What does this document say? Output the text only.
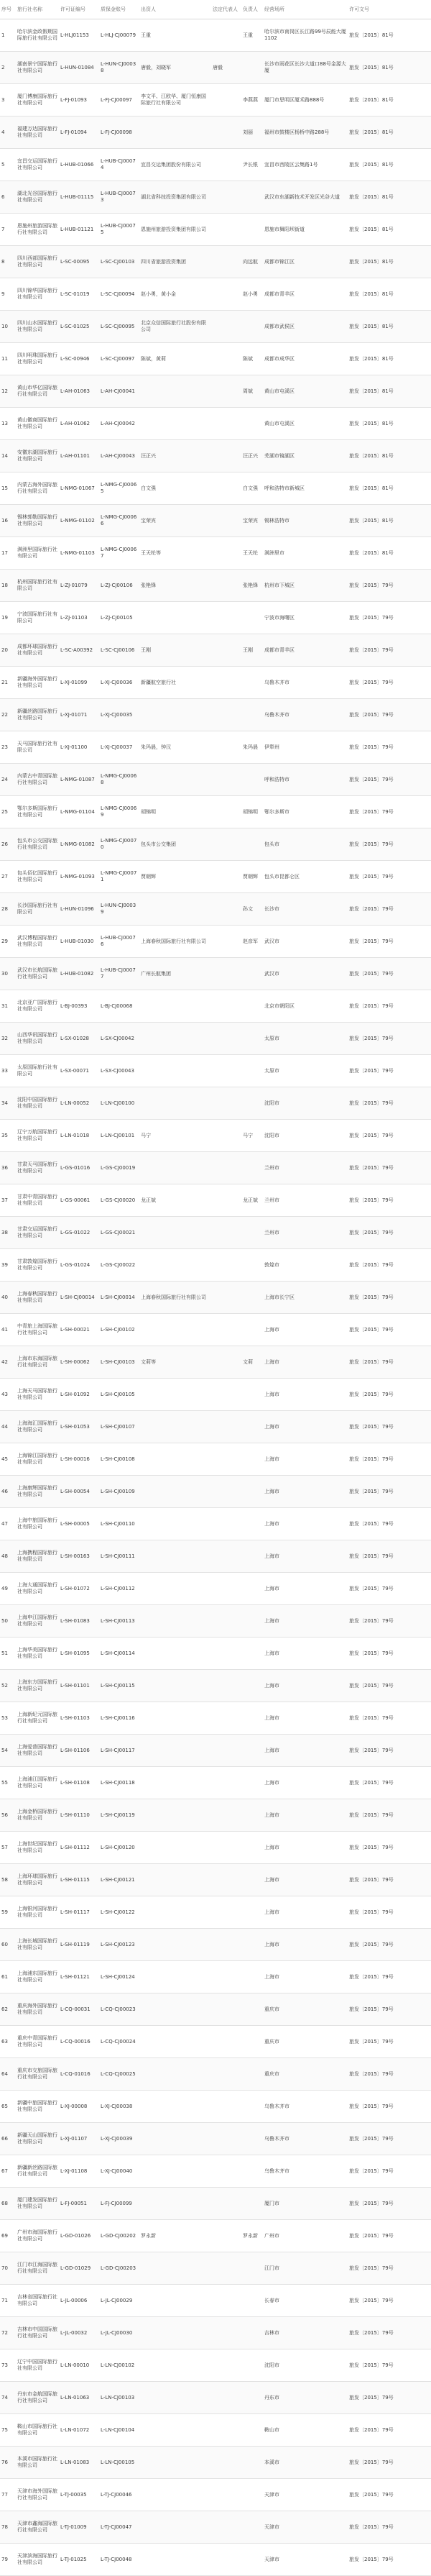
序号	旅行社名称	许可证编号	质保金账号	出资人	法定代表人	负责人	经营场所	许可文号
1	哈尔滨金政假期国际旅行社有限公司	L-HLJ01153	L-HLJ-CJ00079	王重		王重	哈尔滨市南岗区长江路99号辰能大厦1102	旅发〔2015〕81号
2	湖南景宁国际旅行社有限公司	L-HUN-01084	L-HUN-CJ00038	唐毅，刘晓军	唐毅		长沙市雨花区长沙大道口88号金源大厦	旅发〔2015〕81号
3	厦门博康国际旅行社有限公司	L-FJ-01093	L-FJ-CJ00097	李文平、江欧华、厦门恒康国际旅行社有限公司		李燕燕	厦门市思明区厦禾路888号	旅发〔2015〕81号
4	福建万达国际旅行社有限公司	L-FJ-01094	L-FJ-CJ00098			刘丽	福州市鼓楼区杨桥中路288号	旅发〔2015〕81号
5	宜昌交运国际旅行社有限公司	L-HUB-01066	L-HUB-CJ00074	宜昌交运集团股份有限公司		尹长银	宜昌市西陵区云集路1号	旅发〔2015〕81号
6	湖北光谷国际旅行社有限公司	L-HUB-01115	L-HUB-CJ00073	湖北省科技投资集团有限公司			武汉市东湖新技术开发区光谷大道	旅发〔2015〕81号
7	恩施州旅游国际旅行社有限公司	L-HUB-01121	L-HUB-CJ00075	恩施州旅游投资集团有限公司			恩施市舞阳坝街道	旅发〔2015〕81号
8	四川西部国际旅行社有限公司	L-SC-00095	L-SC-CJ00103	四川省旅游投资集团		向远航	成都市锦江区	旅发〔2015〕81号
9	四川锦华国际旅行社有限公司	L-SC-01019	L-SC-CJ00094	赵小勇，黄小金		赵小勇	成都市青羊区	旅发〔2015〕81号
10	四川山水国际旅行社有限公司	L-SC-01025	L-SC-CJ00095	北京众信国际旅行社股份有限公司			成都市武侯区	旅发〔2015〕81号
11	四川明珠国际旅行社有限公司	L-SC-00946	L-SC-CJ00097	陈斌，黄莉		陈斌	成都市成华区	旅发〔2015〕81号
12	黄山市华亿国际旅行社有限公司	L-AH-01063	L-AH-CJ00041			周斌	黄山市屯溪区	旅发〔2015〕81号
13	黄山徽商国际旅行社有限公司	L-AH-01062	L-AH-CJ00042				黄山市屯溪区	旅发〔2015〕81号
14	安徽东湖国际旅行社有限公司	L-AH-01101	L-AH-CJ00043	汪正兴		汪正兴	芜湖市镜湖区	旅发〔2015〕81号
15	内蒙古海外国际旅行社有限公司	L-NMG-01067	L-NMG-CJ00065	白文强		白文强	呼和浩特市新城区	旅发〔2015〕81号
16	锡林郭勒国际旅行社有限公司	L-NMG-01102	L-NMG-CJ00066	宝荣宾		宝荣宾	锡林浩特市	旅发〔2015〕81号
17	满洲里国际旅行社有限公司	L-NMG-01103	L-NMG-CJ00067	王天纶等		王天纶	满洲里市	旅发〔2015〕81号
18	杭州国际旅行社有限公司	L-ZJ-01079	L-ZJ-CJ00106	张艳锋		张艳锋	杭州市下城区	旅发〔2015〕79号
19	宁波国际旅行社有限公司	L-ZJ-01103	L-ZJ-CJ00105				宁波市海曙区	旅发〔2015〕79号
20	成都环球国际旅行社有限公司	L-SC-A00392	L-SC-CJ00106	王刚		王刚	成都市青羊区	旅发〔2015〕79号
21	新疆海外国际旅行社有限公司	L-XJ-01099	L-XJ-CJ00036	新疆航空旅行社			乌鲁木齐市	旅发〔2015〕79号
22	新疆丝路国际旅行社有限公司	L-XJ-01071	L-XJ-CJ00035				乌鲁木齐市	旅发〔2015〕79号
23	天马国际旅行社有限公司	L-XJ-01100	L-XJ-CJ00037	朱玛晨，钟汉		朱玛晨	伊犁州	旅发〔2015〕79号
24	内蒙古中青国际旅行社有限公司	L-NMG-01087	L-NMG-CJ00068				呼和浩特市	旅发〔2015〕79号
25	鄂尔多斯国际旅行社有限公司	L-NMG-01104	L-NMG-CJ00069	胡锦明		胡锦明	鄂尔多斯市	旅发〔2015〕79号
26	包头市公交国际旅行社有限公司	L-NMG-01082	L-NMG-CJ00070	包头市公交集团			包头市	旅发〔2015〕79号
27	包头佰亿国际旅行社有限公司	L-NMG-01093	L-NMG-CJ00071	贾朝辉		贾朝辉	包头市昆都仑区	旅发〔2015〕79号
28	长沙国际旅行社有限公司	L-HUN-01096	L-HUN-CJ00039			孙文	长沙市	旅发〔2015〕79号
29	武汉博程国际旅行社有限公司	L-HUB-01030	L-HUB-CJ00076	上海春秋国际旅行社有限公司		赵彦军	武汉市	旅发〔2015〕79号
30	武汉市长航国际旅行社有限公司	L-HUB-01082	L-HUB-CJ00077	广州长航集团			武汉市	旅发〔2015〕79号
31	北京亚广国际旅行社有限公司	L-BJ-00393	L-BJ-CJ00068				北京市朝阳区	旅发〔2015〕79号
32	山西华讯国际旅行社有限公司	L-SX-01028	L-SX-CJ00042				太原市	旅发〔2015〕79号
33	太原国际旅行社有限公司	L-SX-00071	L-SX-CJ00043				太原市	旅发〔2015〕79号
34	沈阳中国国际旅行社有限公司	L-LN-00052	L-LN-CJ00100				沈阳市	旅发〔2015〕79号
35	辽宁万航国际旅行社有限公司	L-LN-01018	L-LN-CJ00101	马宁		马宁	沈阳市	旅发〔2015〕79号
36	甘肃天马国际旅行社有限公司	L-GS-01016	L-GS-CJ00019				兰州市	旅发〔2015〕79号
37	甘肃中青国际旅行社有限公司	L-GS-00061	L-GS-CJ00020	龙正斌		龙正斌	兰州市	旅发〔2015〕79号
38	甘肃交运国际旅行社有限公司	L-GS-01022	L-GS-CJ00021				兰州市	旅发〔2015〕79号
39	甘肃敦煌国际旅行社有限公司	L-GS-01024	L-GS-CJ00022				敦煌市	旅发〔2015〕79号
40	上海春秋国际旅行社有限公司	L-SH-CJ00014	L-SH-CJ00014	上海春秋国际旅行社有限公司			上海市长宁区	旅发〔2015〕79号
41	中青旅上海国际旅行社有限公司	L-SH-00021	L-SH-CJ00102				上海市	旅发〔2015〕79号
42	上海市东海国际旅行社有限公司	L-SH-00062	L-SH-CJ00103	文莉等		文莉	上海市	旅发〔2015〕79号
43	上海天马国际旅行社有限公司	L-SH-01092	L-SH-CJ00105				上海市	旅发〔2015〕79号
44	上海海汇国际旅行社有限公司	L-SH-01053	L-SH-CJ00107				上海市	旅发〔2015〕79号
45	上海锦江国际旅行社有限公司	L-SH-00016	L-SH-CJ00108				上海市	旅发〔2015〕79号
46	上海康辉国际旅行社有限公司	L-SH-00054	L-SH-CJ00109				上海市	旅发〔2015〕79号
47	上海中旅国际旅行社有限公司	L-SH-00005	L-SH-CJ00110				上海市	旅发〔2015〕79号
48	上海携程国际旅行社有限公司	L-SH-00163	L-SH-CJ00111				上海市	旅发〔2015〕79号
49	上海大通国际旅行社有限公司	L-SH-01072	L-SH-CJ00112				上海市	旅发〔2015〕79号
50	上海申江国际旅行社有限公司	L-SH-01083	L-SH-CJ00113				上海市	旅发〔2015〕79号
51	上海华美国际旅行社有限公司	L-SH-01095	L-SH-CJ00114				上海市	旅发〔2015〕79号
52	上海东方国际旅行社有限公司	L-SH-01101	L-SH-CJ00115				上海市	旅发〔2015〕79号
53	上海新纪元国际旅行社有限公司	L-SH-01103	L-SH-CJ00116				上海市	旅发〔2015〕79号
54	上海爱普国际旅行社有限公司	L-SH-01106	L-SH-CJ00117				上海市	旅发〔2015〕79号
55	上海浦江国际旅行社有限公司	L-SH-01108	L-SH-CJ00118				上海市	旅发〔2015〕79号
56	上海金桥国际旅行社有限公司	L-SH-01110	L-SH-CJ00119				上海市	旅发〔2015〕79号
57	上海世纪国际旅行社有限公司	L-SH-01112	L-SH-CJ00120				上海市	旅发〔2015〕79号
58	上海环球国际旅行社有限公司	L-SH-01115	L-SH-CJ00121				上海市	旅发〔2015〕79号
59	上海银河国际旅行社有限公司	L-SH-01117	L-SH-CJ00122				上海市	旅发〔2015〕79号
60	上海长城国际旅行社有限公司	L-SH-01119	L-SH-CJ00123				上海市	旅发〔2015〕79号
61	上海浦东国际旅行社有限公司	L-SH-01121	L-SH-CJ00124				上海市	旅发〔2015〕79号
62	重庆海外国际旅行社有限公司	L-CQ-00031	L-CQ-CJ00023				重庆市	旅发〔2015〕79号
63	重庆中青国际旅行社有限公司	L-CQ-00016	L-CQ-CJ00024				重庆市	旅发〔2015〕79号
64	重庆市交旅国际旅行社有限公司	L-CQ-01016	L-CQ-CJ00025				重庆市	旅发〔2015〕79号
65	新疆中旅国际旅行社有限公司	L-XJ-00008	L-XJ-CJ00038				乌鲁木齐市	旅发〔2015〕79号
66	新疆天山国际旅行社有限公司	L-XJ-01107	L-XJ-CJ00039				乌鲁木齐市	旅发〔2015〕79号
67	新疆新丝路国际旅行社有限公司	L-XJ-01108	L-XJ-CJ00040				乌鲁木齐市	旅发〔2015〕79号
68	厦门建发国际旅行社有限公司	L-FJ-00051	L-FJ-CJ00099				厦门市	旅发〔2015〕79号
69	广州市海国际旅行社有限公司	L-GD-01026	L-GD-CJ00202	罗永新		罗永新	广州市	旅发〔2015〕79号
70	江门市江海国际旅行社有限公司	L-GD-01029	L-GD-CJ00203				江门市	旅发〔2015〕79号
71	吉林省国际旅行社有限公司	L-JL-00006	L-JL-CJ00029				长春市	旅发〔2015〕79号
72	吉林市中国国际旅行社有限公司	L-JL-00032	L-JL-CJ00030				吉林市	旅发〔2015〕79号
73	辽宁中国国际旅行社有限公司	L-LN-00010	L-LN-CJ00102				沈阳市	旅发〔2015〕79号
74	丹东市金航国际旅行社有限公司	L-LN-01063	L-LN-CJ00103				丹东市	旅发〔2015〕79号
75	鞍山市国际旅行社有限公司	L-LN-01072	L-LN-CJ00104				鞍山市	旅发〔2015〕79号
76	本溪市国际旅行社有限公司	L-LN-01083	L-LN-CJ00105				本溪市	旅发〔2015〕79号
77	天津市海外国际旅行社有限公司	L-TJ-00035	L-TJ-CJ00046				天津市	旅发〔2015〕79号
78	天津市鑫海国际旅行社有限公司	L-TJ-01009	L-TJ-CJ00047				天津市	旅发〔2015〕79号
79	天津滨海国际旅行社有限公司	L-TJ-01025	L-TJ-CJ00048				天津市	旅发〔2015〕79号
